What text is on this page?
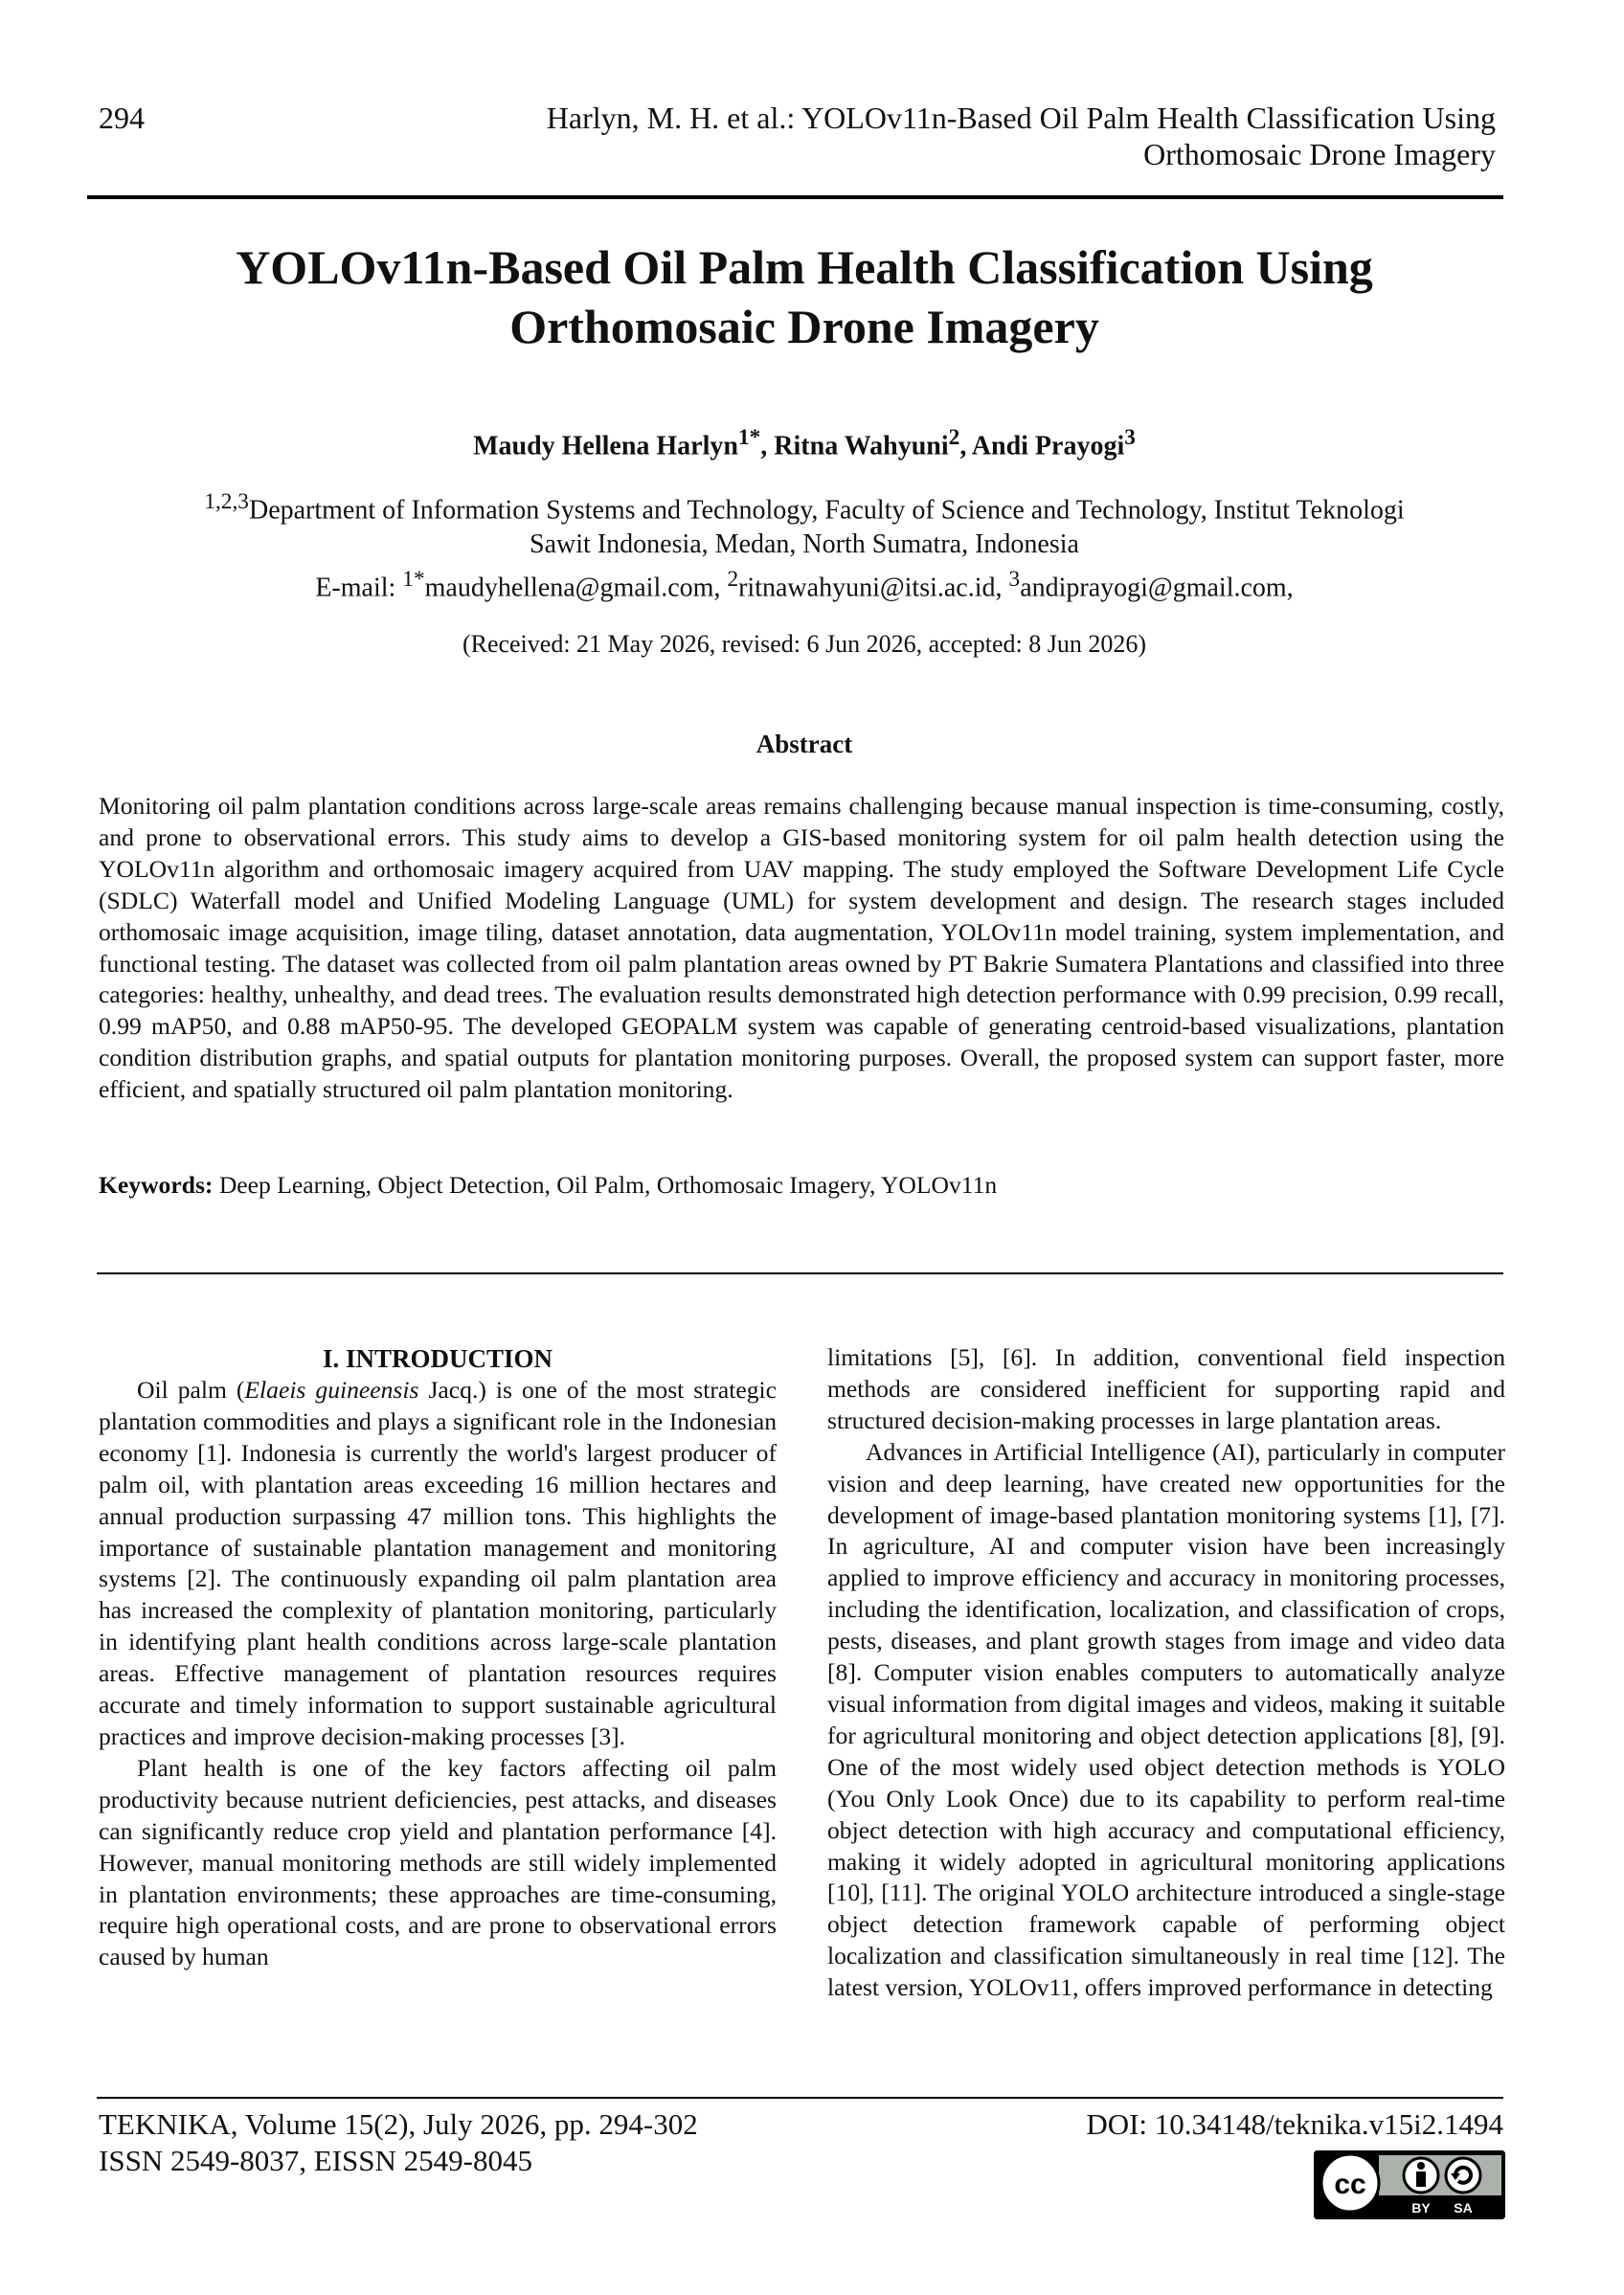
294	Harlyn, M. H. et al.: YOLOv11n-Based Oil Palm Health Classification Using
Orthomosaic Drone Imagery
YOLOv11n-Based Oil Palm Health Classification Using
Orthomosaic Drone Imagery
Maudy Hellena Harlyn$^{1*}$, Ritna Wahyuni$^2$, Andi Prayogi$^3$
$^{1,2,3}$Department of Information Systems and Technology, Faculty of Science and Technology, Institut Teknologi
Sawit Indonesia, Medan, North Sumatra, Indonesia
E-mail: $^{1*}$maudyhellena@gmail.com, $^2$ritnawahyuni@itsi.ac.id, $^3$andiprayogi@gmail.com,
(Received: 21 May 2026, revised: 6 Jun 2026, accepted: 8 Jun 2026)
Abstract
Monitoring oil palm plantation conditions across large-scale areas remains challenging because manual inspection is time-consuming, costly, and prone to observational errors. This study aims to develop a GIS-based monitoring system for oil palm health detection using the YOLOv11n algorithm and orthomosaic imagery acquired from UAV mapping. The study employed the Software Development Life Cycle (SDLC) Waterfall model and Unified Modeling Language (UML) for system development and design. The research stages included orthomosaic image acquisition, image tiling, dataset annotation, data augmentation, YOLOv11n model training, system implementation, and functional testing. The dataset was collected from oil palm plantation areas owned by PT Bakrie Sumatera Plantations and classified into three categories: healthy, unhealthy, and dead trees. The evaluation results demonstrated high detection performance with 0.99 precision, 0.99 recall, 0.99 mAP50, and 0.88 mAP50-95. The developed GEOPALM system was capable of generating centroid-based visualizations, plantation condition distribution graphs, and spatial outputs for plantation monitoring purposes. Overall, the proposed system can support faster, more efficient, and spatially structured oil palm plantation monitoring.
Keywords: Deep Learning, Object Detection, Oil Palm, Orthomosaic Imagery, YOLOv11n

I. INTRODUCTION

Oil palm (Elaeis guineensis Jacq.) is one of the most strategic plantation commodities and plays a significant role in the Indonesian economy [1]. Indonesia is currently the world's largest producer of palm oil, with plantation areas exceeding 16 million hectares and annual production surpassing 47 million tons. This highlights the importance of sustainable plantation management and monitoring systems [2]. The continuously expanding oil palm plantation area has increased the complexity of plantation monitoring, particularly in identifying plant health conditions across large-scale plantation areas. Effective management of plantation resources requires accurate and timely information to support sustainable agricultural practices and improve decision-making processes [3].

Plant health is one of the key factors affecting oil palm productivity because nutrient deficiencies, pest attacks, and diseases can significantly reduce crop yield and plantation performance [4]. However, manual monitoring methods are still widely implemented in plantation environments; these approaches are time-consuming, require high operational costs, and are prone to observational errors caused by human

limitations [5], [6]. In addition, conventional field inspection methods are considered inefficient for supporting rapid and structured decision-making processes in large plantation areas.

Advances in Artificial Intelligence (AI), particularly in computer vision and deep learning, have created new opportunities for the development of image-based plantation monitoring systems [1], [7]. In agriculture, AI and computer vision have been increasingly applied to improve efficiency and accuracy in monitoring processes, including the identification, localization, and classification of crops, pests, diseases, and plant growth stages from image and video data [8]. Computer vision enables computers to automatically analyze visual information from digital images and videos, making it suitable for agricultural monitoring and object detection applications [8], [9]. One of the most widely used object detection methods is YOLO (You Only Look Once) due to its capability to perform real-time object detection with high accuracy and computational efficiency, making it widely adopted in agricultural monitoring applications [10], [11]. The original YOLO architecture introduced a single-stage object detection framework capable of performing object localization and classification simultaneously in real time [12]. The latest version, YOLOv11, offers improved performance in detecting

TEKNIKA, Volume 15(2), July 2026, pp. 294-302
ISSN 2549-8037, EISSN 2549-8045
DOI: 10.34148/teknika.v15i2.1494
cc
BY SA
